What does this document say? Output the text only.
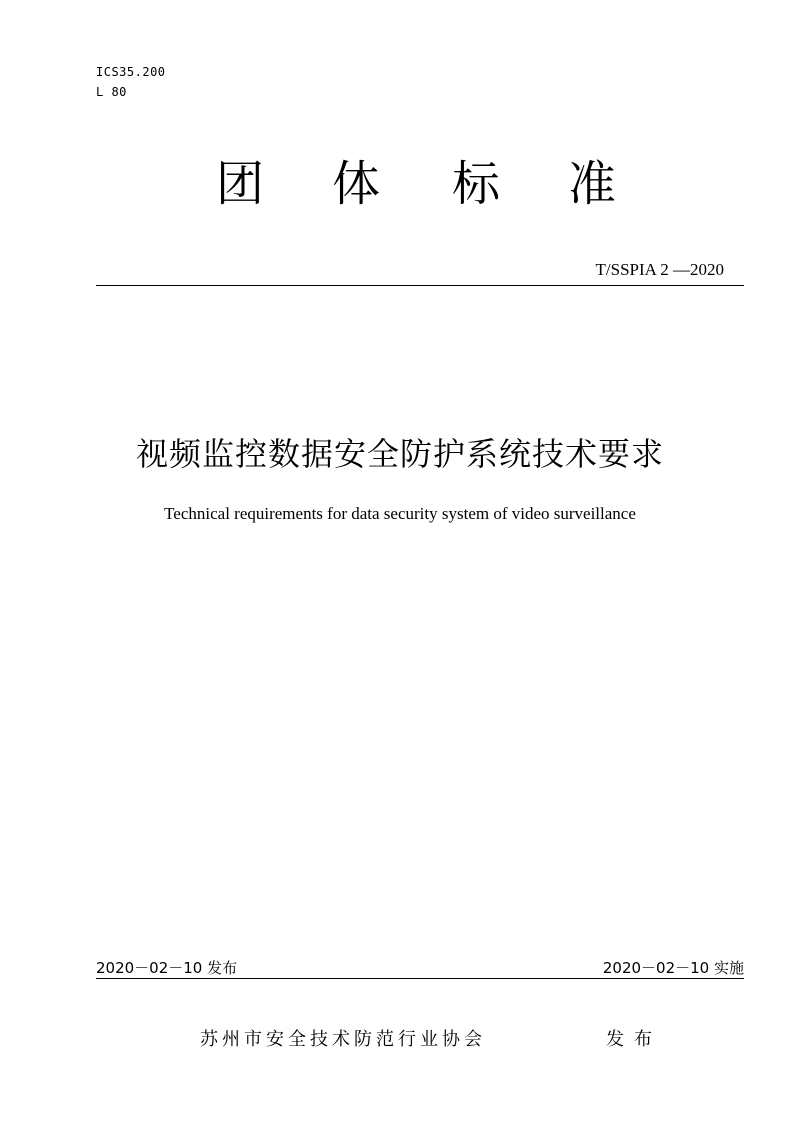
ICS35.200
L 80
团 体 标 准
T/SSPIA 2 —2020
视频监控数据安全防护系统技术要求
Technical requirements for data security system of video surveillance
2020－02－10 发布	2020－02－10 实施
苏州市安全技术防范行业协会	发布
